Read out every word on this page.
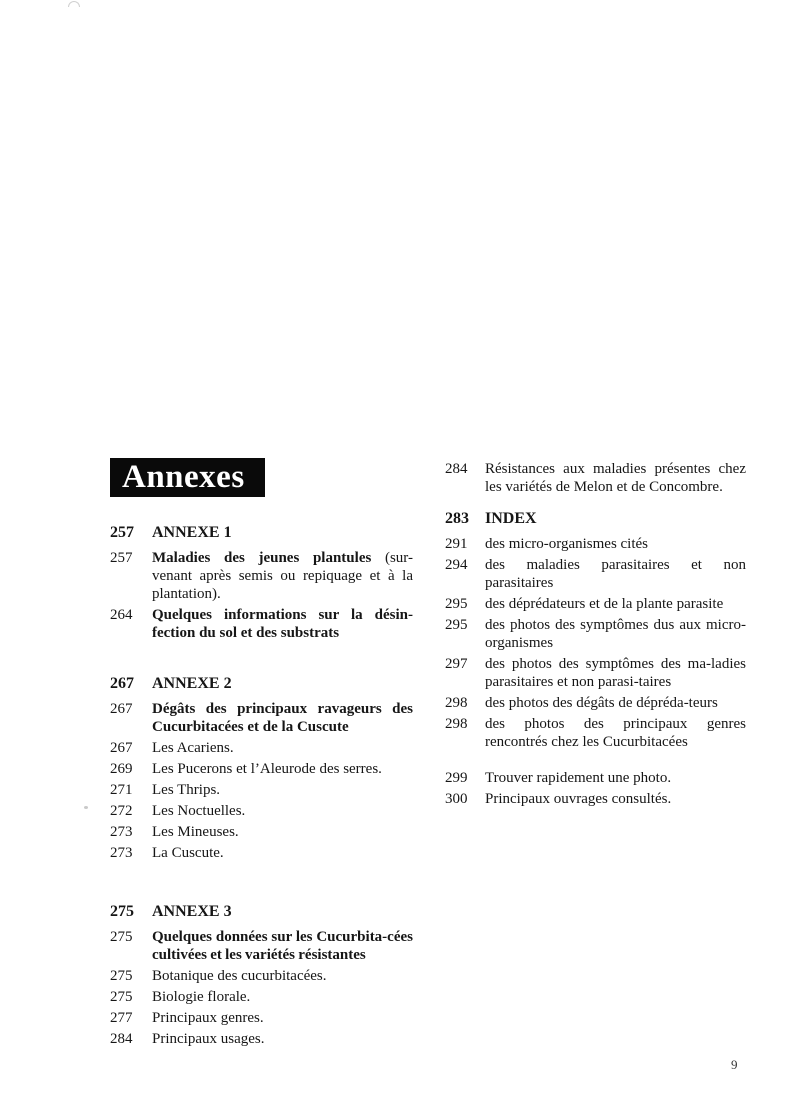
Annexes
257	ANNEXE 1
257	Maladies des jeunes plantules (sur-venant après semis ou repiquage et à la plantation).
264	Quelques informations sur la désin-fection du sol et des substrats
267	ANNEXE 2
267	Dégâts des principaux ravageurs des Cucurbitacées et de la Cuscute
267	Les Acariens.
269	Les Pucerons et l’Aleurode des serres.
271	Les Thrips.
272	Les Noctuelles.
273	Les Mineuses.
273	La Cuscute.
275	ANNEXE 3
275	Quelques données sur les Cucurbita-cées cultivées et les variétés résistantes
275	Botanique des cucurbitacées.
275	Biologie florale.
277	Principaux genres.
284	Principaux usages.
284	Résistances aux maladies présentes chez les variétés de Melon et de Concombre.
283	INDEX
291	des micro-organismes cités
294	des maladies parasitaires et non parasitaires
295	des déprédateurs et de la plante parasite
295	des photos des symptômes dus aux micro-organismes
297	des photos des symptômes des ma-ladies parasitaires et non parasi-taires
298	des photos des dégâts de dépréda-teurs
298	des photos des principaux genres rencontrés chez les Cucurbitacées
299	Trouver rapidement une photo.
300	Principaux ouvrages consultés.
9
